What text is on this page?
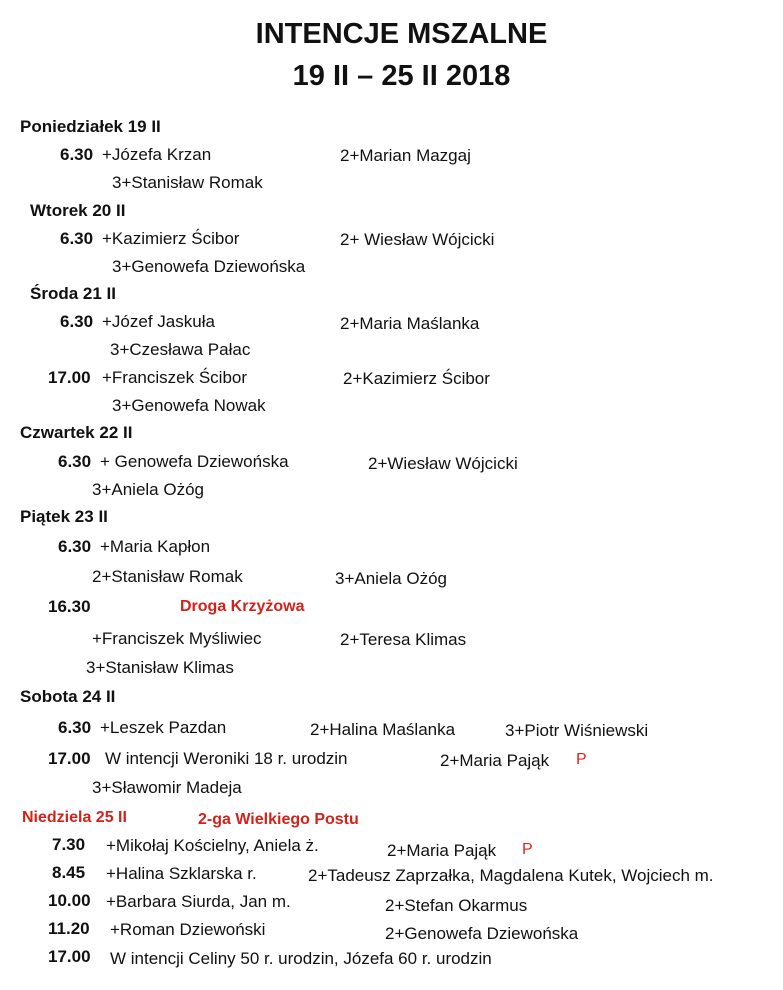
INTENCJE MSZALNE
19 II – 25 II 2018
Poniedziałek 19 II
6.30 +Józefa Krzan	2+Marian Mazgaj
3+Stanisław Romak
Wtorek 20 II
6.30 +Kazimierz Ścibor	2+ Wiesław Wójcicki
3+Genowefa Dziewońska
Środa 21 II
6.30 +Józef Jaskuła	2+Maria Maślanka
3+Czesława Pałac
17.00 +Franciszek Ścibor	2+Kazimierz Ścibor
3+Genowefa Nowak
Czwartek 22 II
6.30 + Genowefa Dziewońska	2+Wiesław Wójcicki
3+Aniela Ożóg
Piątek 23 II
6.30 +Maria Kapłon
2+Stanisław Romak	3+Aniela Ożóg
16.30	Droga Krzyżowa
+Franciszek Myśliwiec	2+Teresa Klimas
3+Stanisław Klimas
Sobota 24 II
6.30 +Leszek Pazdan	2+Halina Maślanka	3+Piotr Wiśniewski
17.00 W intencji Weroniki 18 r. urodzin	2+Maria Pająk P
3+Sławomir Madeja
Niedziela 25 II	2-ga Wielkiego Postu
7.30 +Mikołaj Kościelny, Aniela ż.	2+Maria Pająk P
8.45 +Halina Szklarska r.	2+Tadeusz Zaprzałka, Magdalena Kutek, Wojciech m.
10.00 +Barbara Siurda, Jan m.	2+Stefan Okarmus
11.20 +Roman Dziewoński	2+Genowefa Dziewońska
17.00 W intencji Celiny 50 r. urodzin, Józefa 60 r. urodzin
